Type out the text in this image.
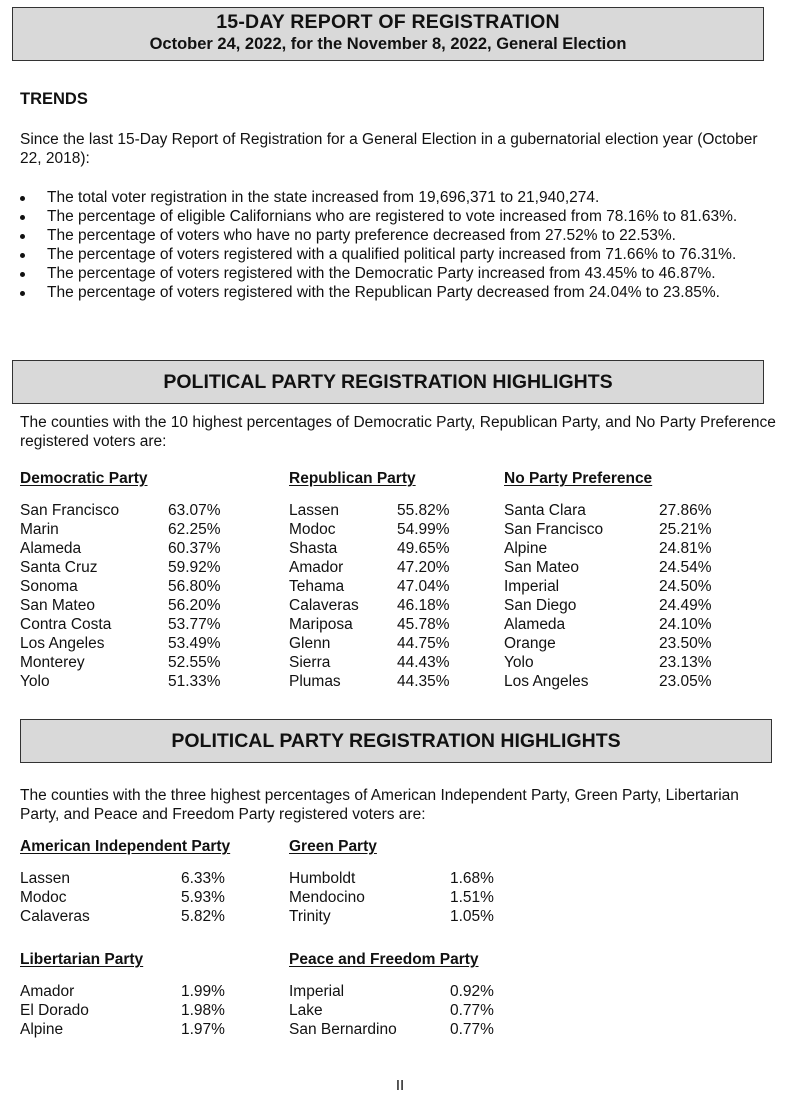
15-DAY REPORT OF REGISTRATION
October 24, 2022, for the November 8, 2022, General Election
TRENDS
Since the last 15-Day Report of Registration for a General Election in a gubernatorial election year (October 22, 2018):
The total voter registration in the state increased from 19,696,371 to 21,940,274.
The percentage of eligible Californians who are registered to vote increased from 78.16% to 81.63%.
The percentage of voters who have no party preference decreased from 27.52% to 22.53%.
The percentage of voters registered with a qualified political party increased from 71.66% to 76.31%.
The percentage of voters registered with the Democratic Party increased from 43.45% to 46.87%.
The percentage of voters registered with the Republican Party decreased from 24.04% to 23.85%.
POLITICAL PARTY REGISTRATION HIGHLIGHTS
The counties with the 10 highest percentages of Democratic Party, Republican Party, and No Party Preference registered voters are:
Democratic Party
San Francisco	63.07%
Marin	62.25%
Alameda	60.37%
Santa Cruz	59.92%
Sonoma	56.80%
San Mateo	56.20%
Contra Costa	53.77%
Los Angeles	53.49%
Monterey	52.55%
Yolo	51.33%
Republican Party
Lassen	55.82%
Modoc	54.99%
Shasta	49.65%
Amador	47.20%
Tehama	47.04%
Calaveras 46.18%
Mariposa	45.78%
Glenn	44.75%
Sierra	44.43%
Plumas	44.35%
No Party Preference
Santa Clara	27.86%
San Francisco	25.21%
Alpine	24.81%
San Mateo	24.54%
Imperial	24.50%
San Diego	24.49%
Alameda	24.10%
Orange	23.50%
Yolo	23.13%
Los Angeles	23.05%
POLITICAL PARTY REGISTRATION HIGHLIGHTS
The counties with the three highest percentages of American Independent Party, Green Party, Libertarian Party, and Peace and Freedom Party registered voters are:
American Independent Party
Lassen	6.33%
Modoc	5.93%
Calaveras	5.82%
Green Party
Humboldt	1.68%
Mendocino	1.51%
Trinity	1.05%
Libertarian Party
Amador	1.99%
El Dorado	1.98%
Alpine	1.97%
Peace and Freedom Party
Imperial	0.92%
Lake	0.77%
San Bernardino	0.77%
II
